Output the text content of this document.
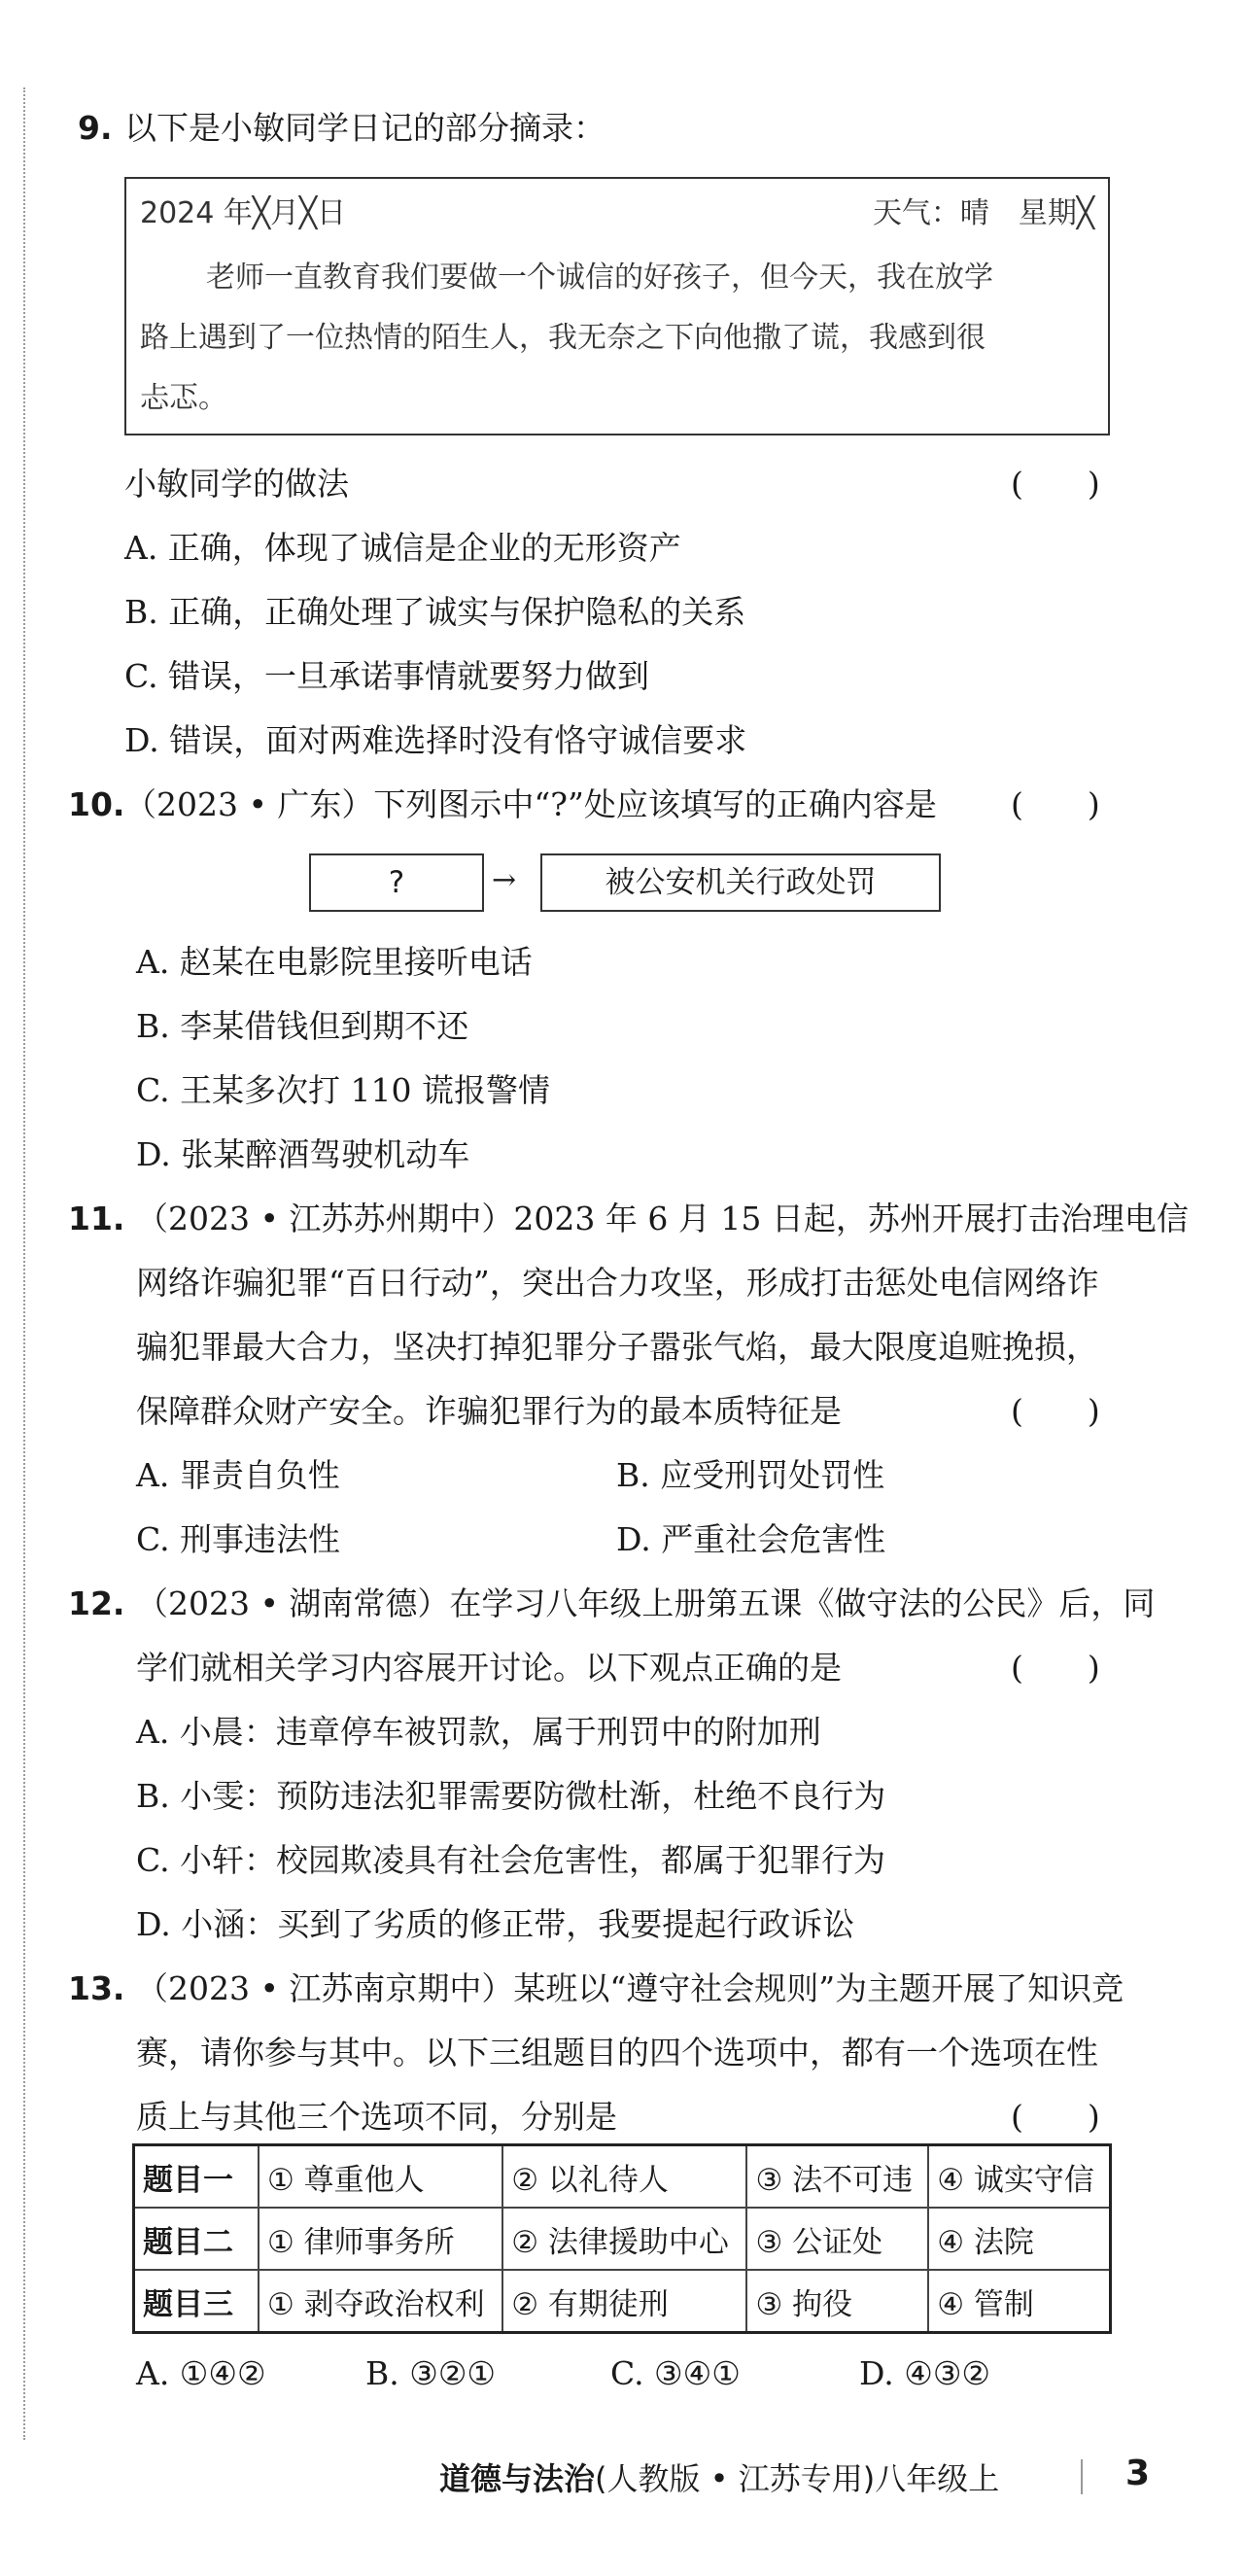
9. 以下是小敏同学日记的部分摘录：
2024 年╳月╳日	天气：晴　星期╳
老师一直教育我们要做一个诚信的好孩子，但今天，我在放学
路上遇到了一位热情的陌生人，我无奈之下向他撒了谎，我感到很
忐忑。
小敏同学的做法	(　　)
A. 正确，体现了诚信是企业的无形资产
B. 正确，正确处理了诚实与保护隐私的关系
C. 错误，一旦承诺事情就要努力做到
D. 错误，面对两难选择时没有恪守诚信要求
10. （2023 • 广东）下列图示中“?”处应该填写的正确内容是 (　　)
?	→	被公安机关行政处罚
A. 赵某在电影院里接听电话
B. 李某借钱但到期不还
C. 王某多次打 110 谎报警情
D. 张某醉酒驾驶机动车
11. （2023 • 江苏苏州期中）2023 年 6 月 15 日起，苏州开展打击治理电信
网络诈骗犯罪“百日行动”，突出合力攻坚，形成打击惩处电信网络诈
骗犯罪最大合力，坚决打掉犯罪分子嚣张气焰，最大限度追赃挽损，
保障群众财产安全。诈骗犯罪行为的最本质特征是	(　　)
A. 罪责自负性	B. 应受刑罚处罚性
C. 刑事违法性	D. 严重社会危害性
12. （2023 • 湖南常德）在学习八年级上册第五课《做守法的公民》后，同
学们就相关学习内容展开讨论。以下观点正确的是	(　　)
A. 小晨：违章停车被罚款，属于刑罚中的附加刑
B. 小雯：预防违法犯罪需要防微杜渐，杜绝不良行为
C. 小轩：校园欺凌具有社会危害性，都属于犯罪行为
D. 小涵：买到了劣质的修正带，我要提起行政诉讼
13. （2023 • 江苏南京期中）某班以“遵守社会规则”为主题开展了知识竞
赛，请你参与其中。以下三组题目的四个选项中，都有一个选项在性
质上与其他三个选项不同，分别是	(　　)
题目一	① 尊重他人	② 以礼待人	③ 法不可违	④ 诚实守信
题目二	① 律师事务所	② 法律援助中心	③ 公证处	④ 法院
题目三	① 剥夺政治权利	② 有期徒刑	③ 拘役	④ 管制
A. ①④②	B. ③②①	C. ③④①	D. ④③②
道德与法治(人教版 • 江苏专用)八年级上	3
